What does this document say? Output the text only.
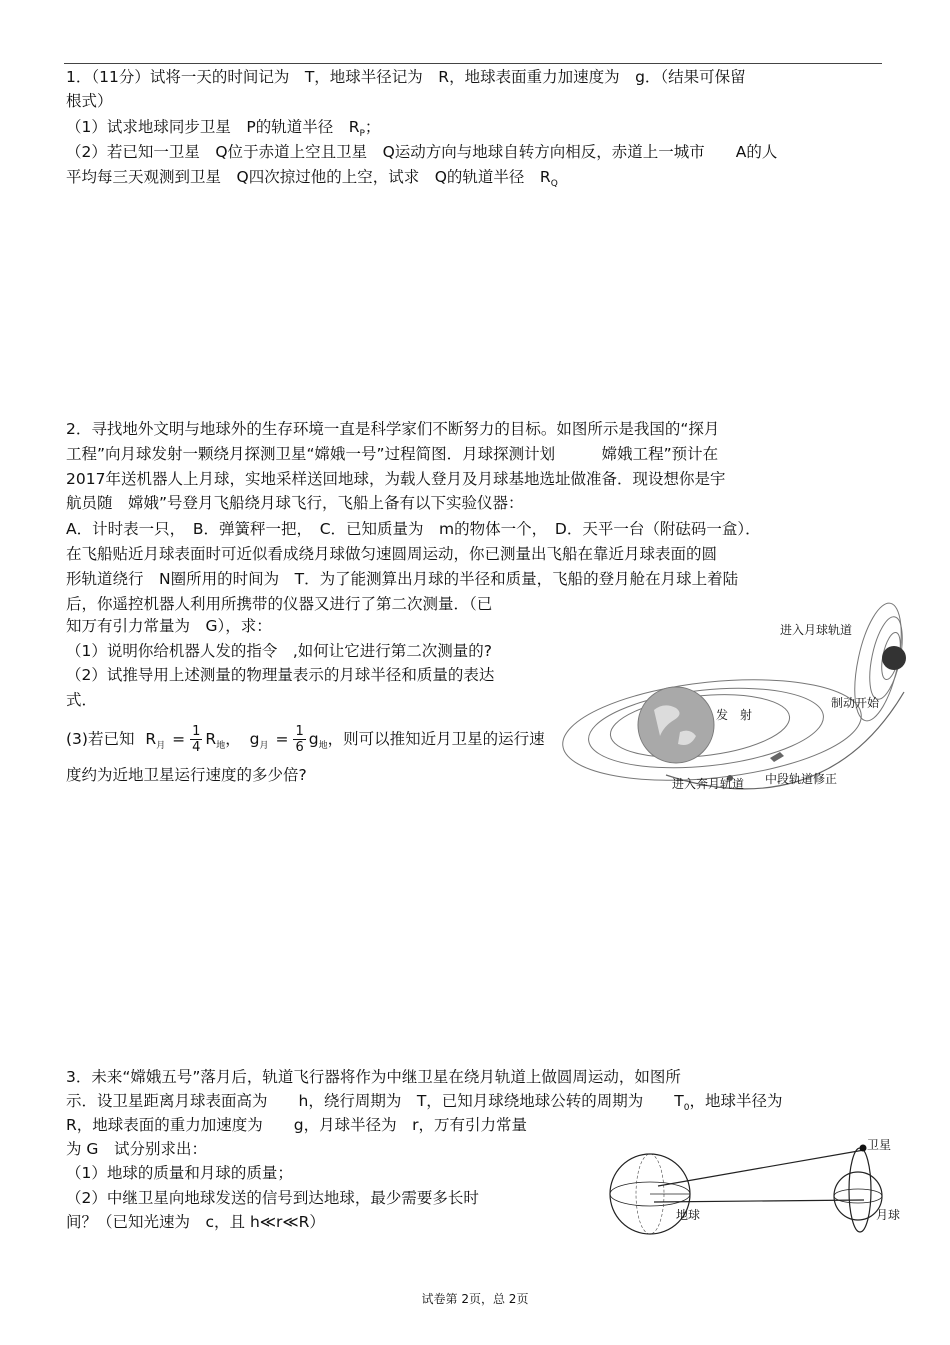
1．（11分）试将一天的时间记为　T，地球半径记为　R，地球表面重力加速度为　g．（结果可保留
根式）
（1）试求地球同步卫星　P的轨道半径　$R_P$；
（2）若已知一卫星　Q位于赤道上空且卫星　Q运动方向与地球自转方向相反，赤道上一城市　　A的人
平均每三天观测到卫星　Q四次掠过他的上空，试求　Q的轨道半径　$R_Q$
2．寻找地外文明与地球外的生存环境一直是科学家们不断努力的目标。如图所示是我国的“探月
工程”向月球发射一颗绕月探测卫星“嫦娥一号”过程简图．月球探测计划　　　嫦娥工程”预计在
2017年送机器人上月球，实地采样送回地球，为载人登月及月球基地选址做准备．现设想你是宇
航员随　嫦娥”号登月飞船绕月球飞行，飞船上备有以下实验仪器：
A．计时表一只，　B．弹簧秤一把，　C．已知质量为　m的物体一个，　D．天平一台（附砝码一盒）．
在飞船贴近月球表面时可近似看成绕月球做匀速圆周运动，你已测量出飞船在靠近月球表面的圆
形轨道绕行　N圈所用的时间为　T．为了能测算出月球的半径和质量，飞船的登月舱在月球上着陆
后，你遥控机器人利用所携带的仪器又进行了第二次测量．（已
知万有引力常量为　G），求：
（1）说明你给机器人发的指令　,如何让它进行第二次测量的?
（2）试推导用上述测量的物理量表示的月球半径和质量的表达
式．
(3)若已知 $R_月 = \frac{1}{4} R_地$， $g_月 = \frac{1}{6} g_地$，则可以推知近月卫星的运行速
度约为近地卫星运行速度的多少倍?
进入月球轨道
制动开始
发　射
进入奔月轨道 中段轨道修正
3．未来“嫦娥五号”落月后，轨道飞行器将作为中继卫星在绕月轨道上做圆周运动，如图所
示．设卫星距离月球表面高为　　h，绕行周期为　T，已知月球绕地球公转的周期为　　$T_0$，地球半径为
R，地球表面的重力加速度为　　g，月球半径为　r，万有引力常量
为 G　试分别求出：
（1）地球的质量和月球的质量；
（2）中继卫星向地球发送的信号到达地球，最少需要多长时
间？（已知光速为　c，且 h≪r≪R）
卫星
地球	月球
试卷第 2页，总 2页
